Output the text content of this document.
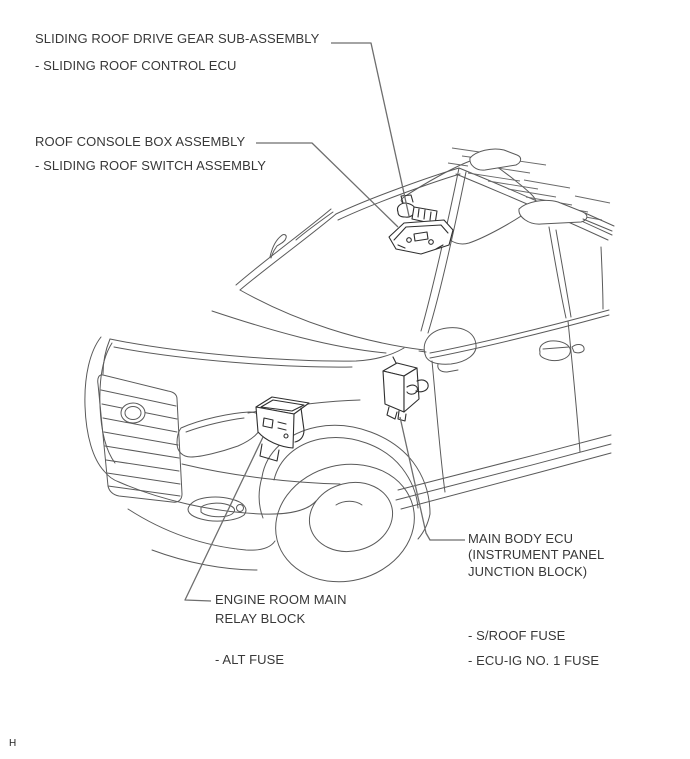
SLIDING ROOF DRIVE GEAR SUB-ASSEMBLY
- SLIDING ROOF CONTROL ECU
ROOF CONSOLE BOX ASSEMBLY
- SLIDING ROOF SWITCH ASSEMBLY
MAIN BODY ECU
(INSTRUMENT PANEL
JUNCTION BLOCK)
- S/ROOF FUSE
- ECU-IG NO. 1 FUSE
ENGINE ROOM MAIN
RELAY BLOCK
- ALT FUSE
H
